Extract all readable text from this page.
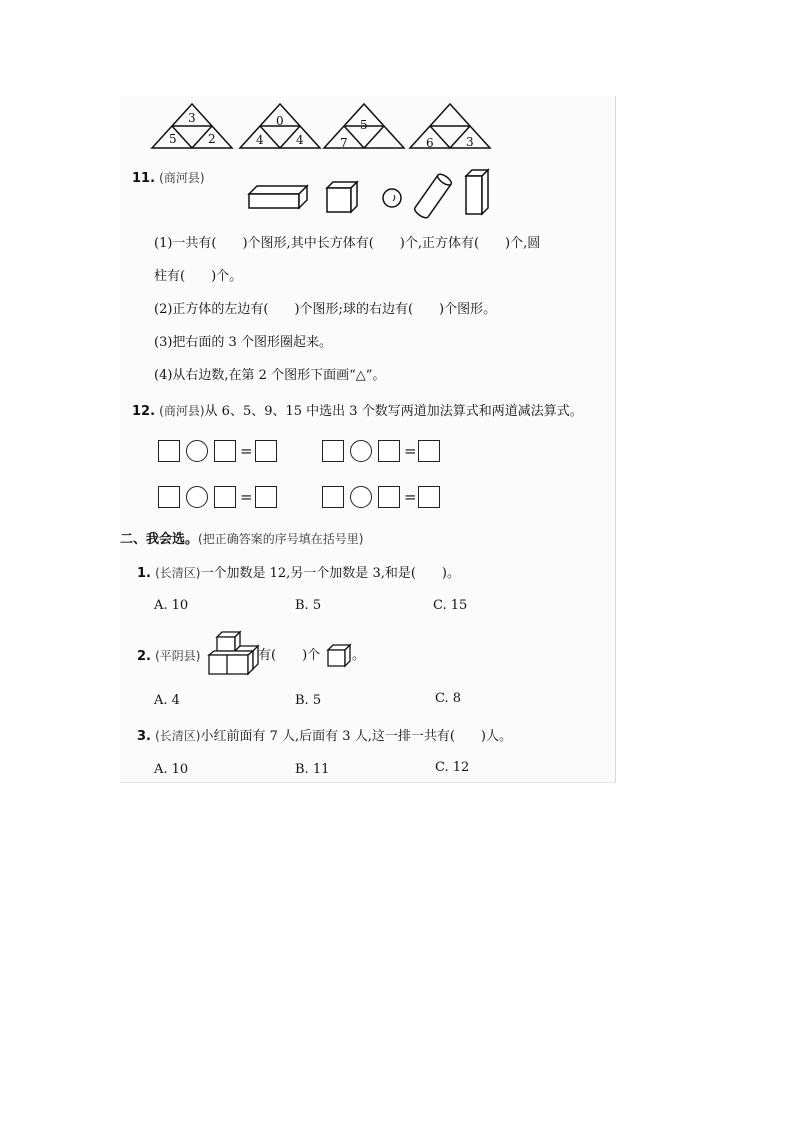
3
5	2
0
4	4
5
7	6	3
11. (商河县)
(1)一共有(　　)个图形,其中长方体有(　　)个,正方体有(　　)个,圆
柱有(　　)个。
(2)正方体的左边有(　　)个图形;球的右边有(　　)个图形。
(3)把右面的 3 个图形圈起来。
(4)从右边数,在第 2 个图形下面画“△”。
12. (商河县)从 6、5、9、15 中选出 3 个数写两道加法算式和两道减法算式。
=	=
=	=
二、我会选。(把正确答案的序号填在括号里)
1. (长清区)一个加数是 12,另一个加数是 3,和是(　　)。
A. 10	B. 5	C. 15
2. (平阴县)	有(　　)个 。
A. 4	B. 5	C. 8
3. (长清区)小红前面有 7 人,后面有 3 人,这一排一共有(　　)人。
A. 10	B. 11	C. 12
